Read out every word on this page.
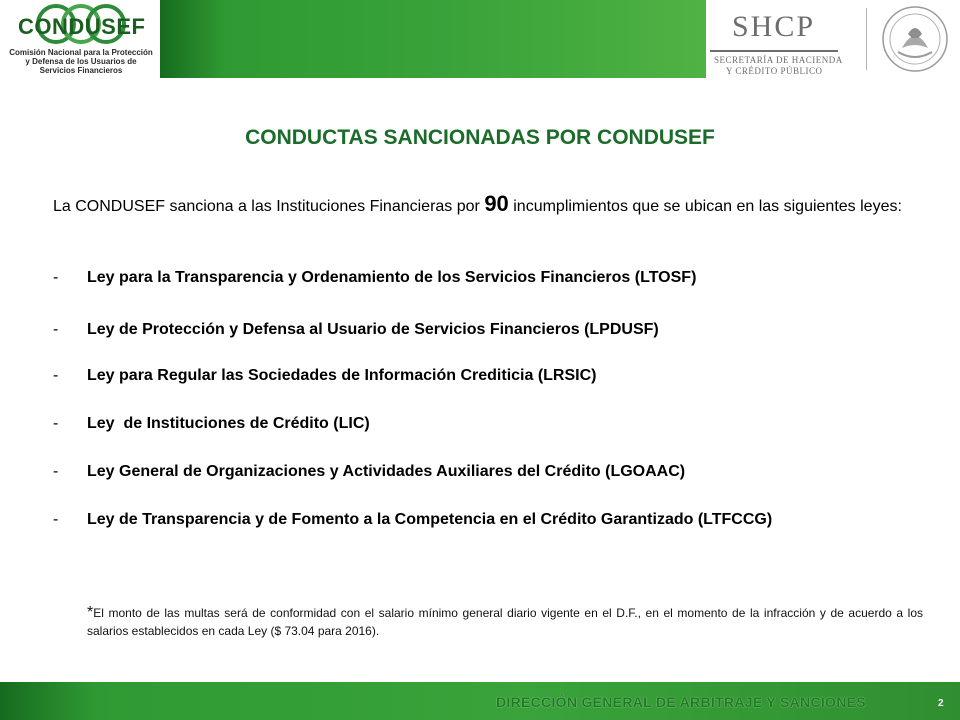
CONDUSEF
Comisión Nacional para la Protección
y Defensa de los Usuarios de
Servicios Financieros
SHCP
SECRETARÍA DE HACIENDA
Y CRÉDITO PÚBLICO
CONDUCTAS SANCIONADAS POR CONDUSEF

La CONDUSEF sanciona a las Instituciones Financieras por 90 incumplimientos que se ubican en las siguientes leyes:

- Ley para la Transparencia y Ordenamiento de los Servicios Financieros (LTOSF)
- Ley de Protección y Defensa al Usuario de Servicios Financieros (LPDUSF)
- Ley para Regular las Sociedades de Información Crediticia (LRSIC)
- Ley  de Instituciones de Crédito (LIC)
- Ley General de Organizaciones y Actividades Auxiliares del Crédito (LGOAAC)
- Ley de Transparencia y de Fomento a la Competencia en el Crédito Garantizado (LTFCCG)

*El monto de las multas será de conformidad con el salario mínimo general diario vigente en el D.F., en el momento de la infracción y de acuerdo a los salarios establecidos en cada Ley ($ 73.04 para 2016).

DIRECCIÓN GENERAL DE ARBITRAJE Y SANCIONES	2
